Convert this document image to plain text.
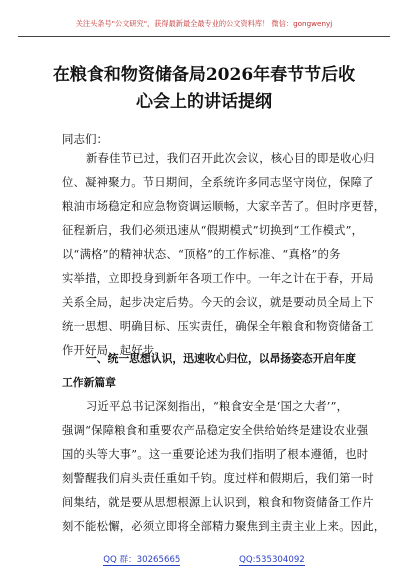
关注头条号"公文研究"，获得最新最全最专业的公文资料库！ 微信：gongwenyj
在粮食和物资储备局2026年春节节后收
心会上的讲话提纲
同志们：
新春佳节已过，我们召开此次会议，核心目的即是收心归
位、凝神聚力。节日期间，全系统许多同志坚守岗位，保障了
粮油市场稳定和应急物资调运顺畅，大家辛苦了。但时序更替，
征程新启，我们必须迅速从“假期模式”切换到“工作模式”，
以“满格”的精神状态、“顶格”的工作标准、“真格”的务
实举措，立即投身到新年各项工作中。一年之计在于春，开局
关系全局，起步决定后势。今天的会议，就是要动员全局上下
统一思想、明确目标、压实责任，确保全年粮食和物资储备工
作开好局、起好步。
一、统一思想认识，迅速收心归位，以昂扬姿态开启年度
工作新篇章
习近平总书记深刻指出，“粮食安全是‘国之大者’”，
强调“保障粮食和重要农产品稳定安全供给始终是建设农业强
国的头等大事”。这一重要论述为我们指明了根本遵循，也时
刻警醒我们肩头责任重如千钧。度过样和假期后，我们第一时
间集结，就是要从思想根源上认识到，粮食和物资储备工作片
刻不能松懈，必须立即将全部精力聚焦到主责主业上来。因此，
QQ 群：30265665	QQ:535304092
